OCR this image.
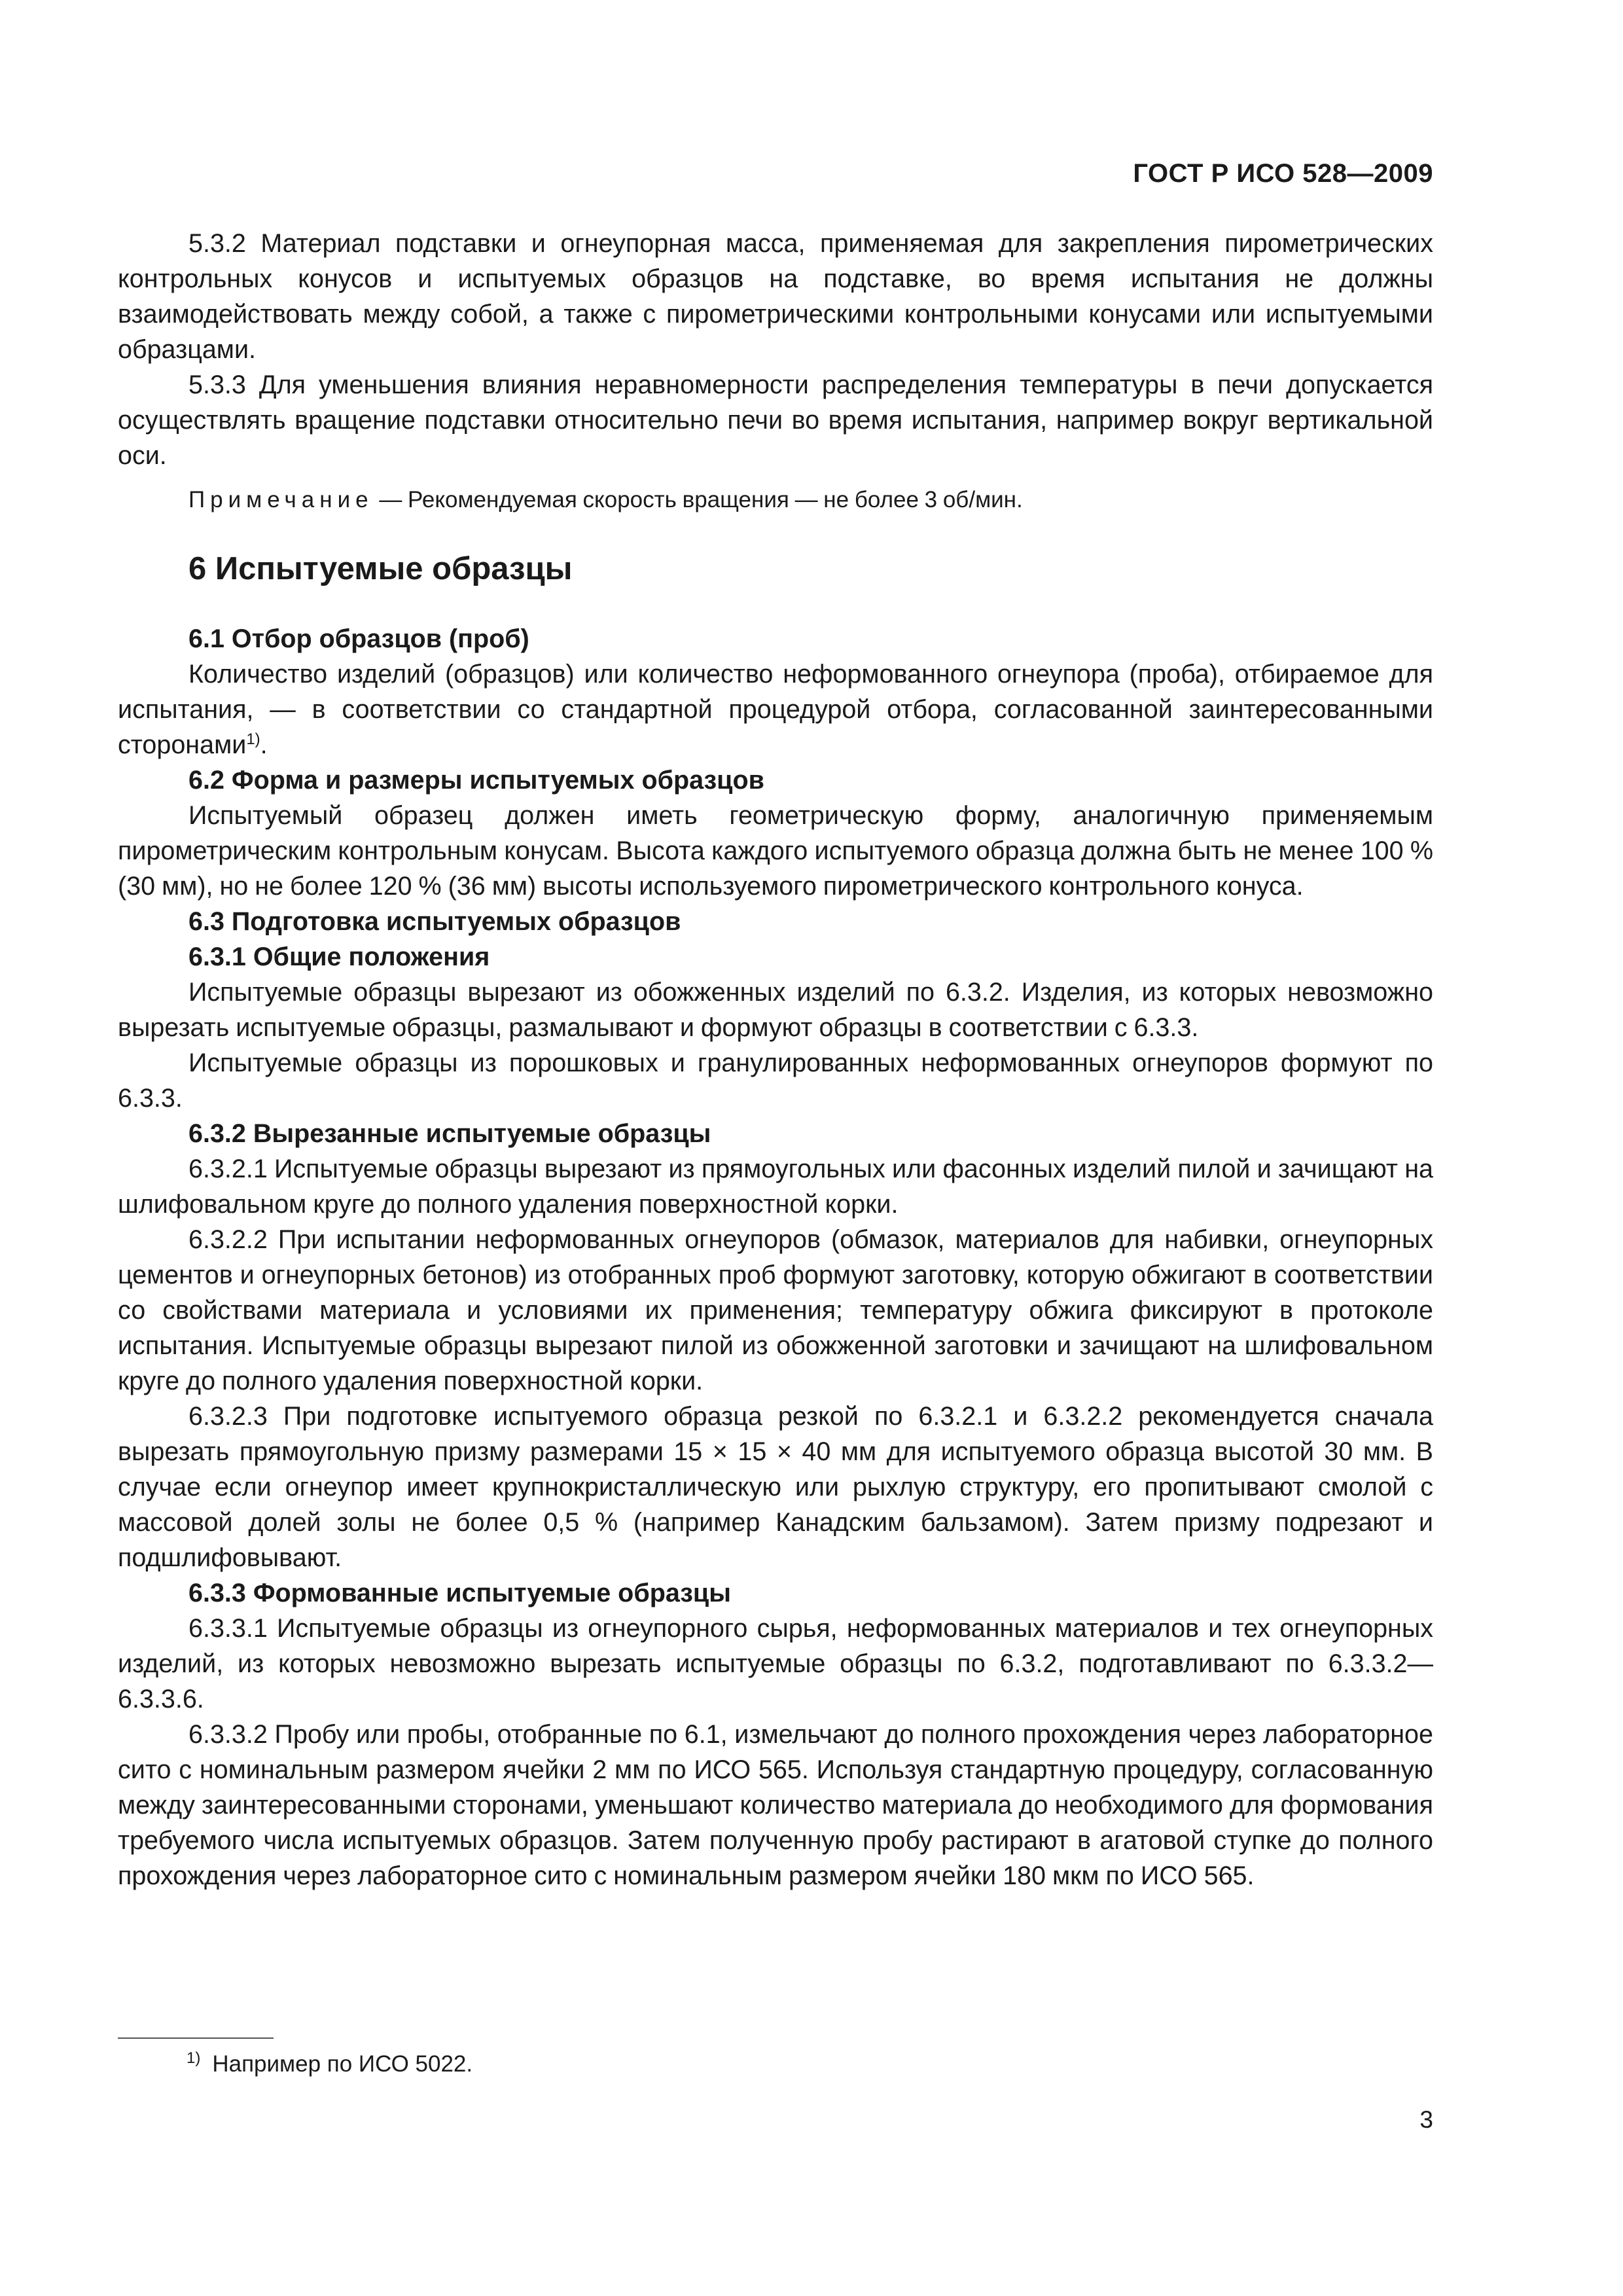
ГОСТ Р ИСО 528—2009

5.3.2 Материал подставки и огнеупорная масса, применяемая для закрепления пирометрических контрольных конусов и испытуемых образцов на подставке, во время испытания не должны взаимодействовать между собой, а также с пирометрическими контрольными конусами или испытуемыми образцами.

5.3.3 Для уменьшения влияния неравномерности распределения температуры в печи допускается осуществлять вращение подставки относительно печи во время испытания, например вокруг вертикальной оси.

Примечание — Рекомендуемая скорость вращения — не более 3 об/мин.

6 Испытуемые образцы
6.1 Отбор образцов (проб)

Количество изделий (образцов) или количество неформованного огнеупора (проба), отбираемое для испытания, — в соответствии со стандартной процедурой отбора, согласованной заинтересованными сторонами$^{1)}$.

6.2 Форма и размеры испытуемых образцов

Испытуемый образец должен иметь геометрическую форму, аналогичную применяемым пирометрическим контрольным конусам. Высота каждого испытуемого образца должна быть не менее 100 % (30 мм), но не более 120 % (36 мм) высоты используемого пирометрического контрольного конуса.

6.3 Подготовка испытуемых образцов
6.3.1 Общие положения

Испытуемые образцы вырезают из обожженных изделий по 6.3.2. Изделия, из которых невозможно вырезать испытуемые образцы, размалывают и формуют образцы в соответствии с 6.3.3.

Испытуемые образцы из порошковых и гранулированных неформованных огнеупоров формуют по 6.3.3.

6.3.2 Вырезанные испытуемые образцы

6.3.2.1 Испытуемые образцы вырезают из прямоугольных или фасонных изделий пилой и зачищают на шлифовальном круге до полного удаления поверхностной корки.

6.3.2.2 При испытании неформованных огнеупоров (обмазок, материалов для набивки, огнеупорных цементов и огнеупорных бетонов) из отобранных проб формуют заготовку, которую обжигают в соответствии со свойствами материала и условиями их применения; температуру обжига фиксируют в протоколе испытания. Испытуемые образцы вырезают пилой из обожженной заготовки и зачищают на шлифовальном круге до полного удаления поверхностной корки.

6.3.2.3 При подготовке испытуемого образца резкой по 6.3.2.1 и 6.3.2.2 рекомендуется сначала вырезать прямоугольную призму размерами 15 × 15 × 40 мм для испытуемого образца высотой 30 мм. В случае если огнеупор имеет крупнокристаллическую или рыхлую структуру, его пропитывают смолой с массовой долей золы не более 0,5 % (например Канадским бальзамом). Затем призму подрезают и подшлифовывают.

6.3.3 Формованные испытуемые образцы

6.3.3.1 Испытуемые образцы из огнеупорного сырья, неформованных материалов и тех огнеупорных изделий, из которых невозможно вырезать испытуемые образцы по 6.3.2, подготавливают по 6.3.3.2—6.3.3.6.

6.3.3.2 Пробу или пробы, отобранные по 6.1, измельчают до полного прохождения через лабораторное сито с номинальным размером ячейки 2 мм по ИСО 565. Используя стандартную процедуру, согласованную между заинтересованными сторонами, уменьшают количество материала до необходимого для формования требуемого числа испытуемых образцов. Затем полученную пробу растирают в агатовой ступке до полного прохождения через лабораторное сито с номинальным размером ячейки 180 мкм по ИСО 565.

$^{1)}$ Например по ИСО 5022.
3
